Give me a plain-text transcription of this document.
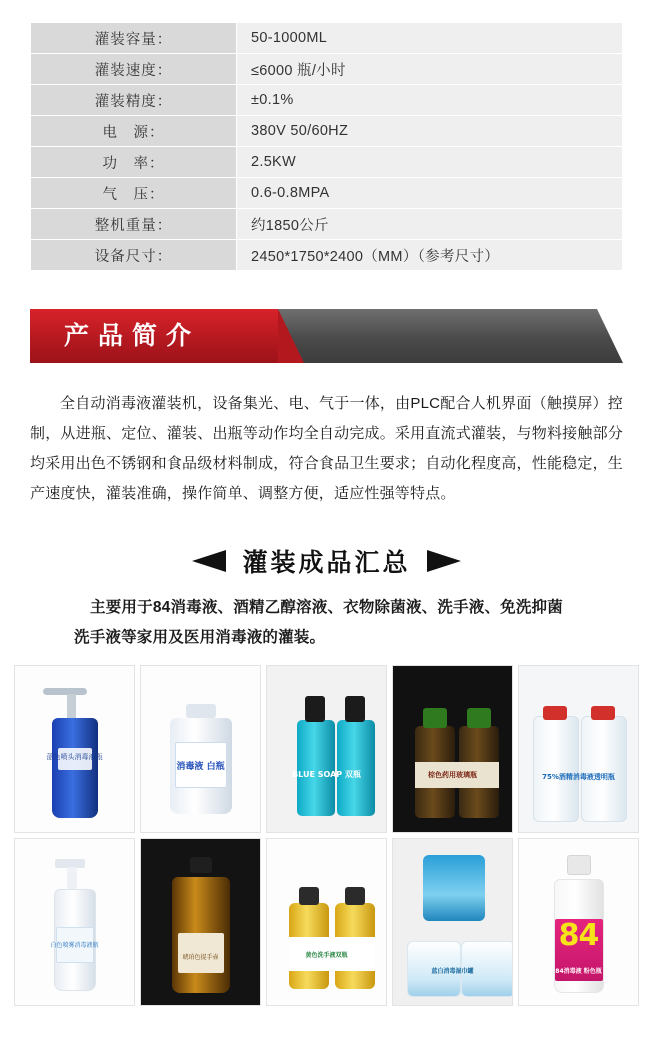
灌装容量：	50-1000ML
灌装速度：	≤6000 瓶/小时
灌装精度：	±0.1%
电　源：	380V 50/60HZ
功　率：	2.5KW
气　压：	0.6-0.8MPA
整机重量：	约1850公斤
设备尺寸：	2450*1750*2400（MM）（参考尺寸）
产品简介

全自动消毒液灌装机，设备集光、电、气于一体，由PLC配合人机界面（触摸屏）控制，从进瓶、定位、灌装、出瓶等动作均全自动完成。采用直流式灌装，与物料接触部分均采用出色不锈钢和食品级材料制成，符合食品卫生要求；自动化程度高，性能稳定，生产速度快，灌装准确，操作简单、调整方便，适应性强等特点。

灌装成品汇总
主要用于84消毒液、酒精乙醇溶液、衣物除菌液、洗手液、免洗抑菌
洗手液等家用及医用消毒液的灌装。
蓝色喷头消毒液瓶
消毒液 白瓶
BLUE SOAP 双瓶	棕色药用玻璃瓶	75%酒精消毒液透明瓶
白色喷雾消毒液瓶
琥珀色提手壶	黄色洗手液双瓶
蓝白消毒湿巾罐
84
84消毒液 粉色瓶
